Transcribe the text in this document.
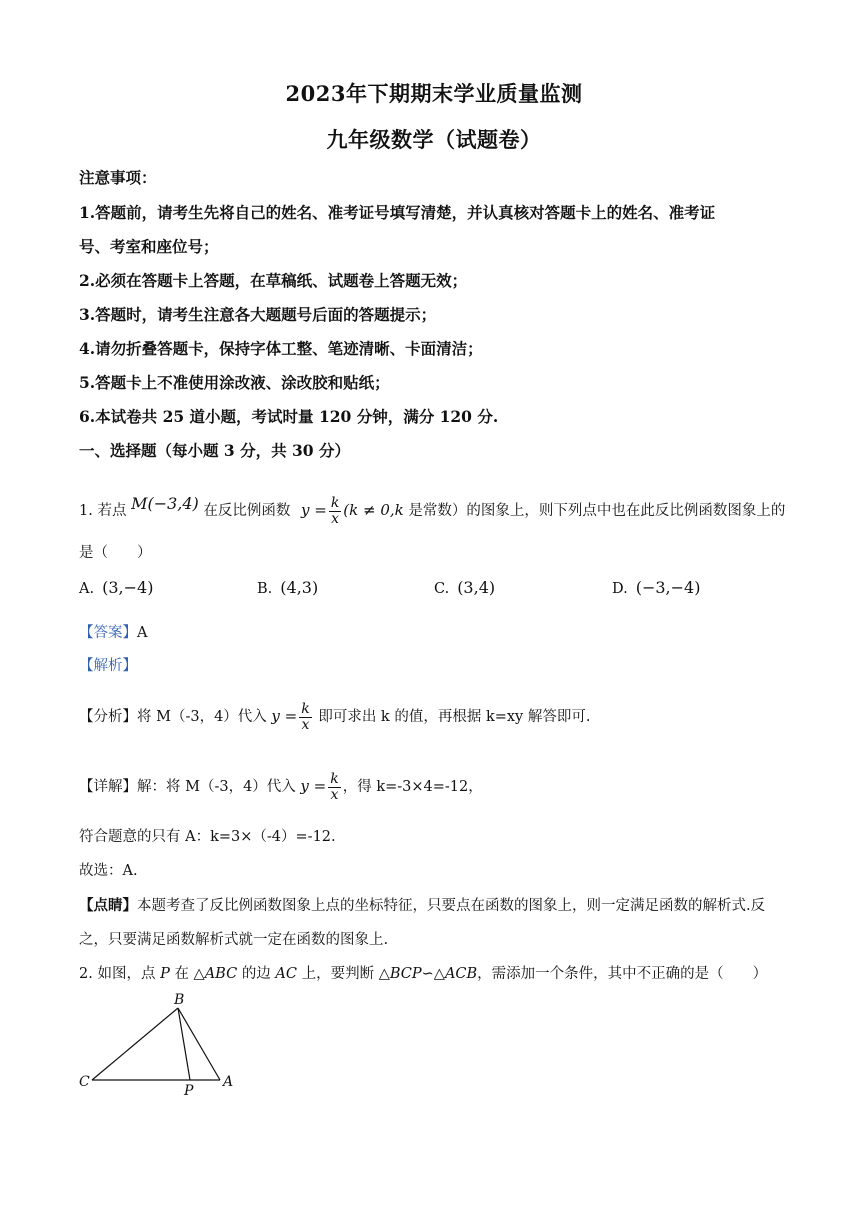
2023年下期期末学业质量监测
九年级数学（试题卷）
注意事项：
1.答题前，请考生先将自己的姓名、准考证号填写清楚，并认真核对答题卡上的姓名、准考证
号、考室和座位号；
2.必须在答题卡上答题，在草稿纸、试题卷上答题无效；
3.答题时，请考生注意各大题题号后面的答题提示；
4.请勿折叠答题卡，保持字体工整、笔迹清晰、卡面清洁；
5.答题卡上不准使用涂改液、涂改胶和贴纸；
6.本试卷共 25 道小题，考试时量 120 分钟，满分 120 分.
一、选择题（每小题 3 分，共 30 分）
1. 若点 M(−3,4) 在反比例函数 $y = \frac{k}{x} (k \ne 0,k$ 是常数）的图象上，则下列点中也在此反比例函数图象上的
是（　　）
A. (3,−4)	B. (4,3)	C. (3,4)	D. (−3,−4)
【答案】A
【解析】
【分析】将 M（-3，4）代入 $y = \frac{k}{x}$ 即可求出 k 的值，再根据 k=xy 解答即可.
【详解】解：将 M（-3，4）代入 $y = \frac{k}{x}$ ，得 k=-3×4=-12，
符合题意的只有 A：k=3×（-4）=-12.
故选：A.
【点睛】本题考查了反比例函数图象上点的坐标特征，只要点在函数的图象上，则一定满足函数的解析式.反
之，只要满足函数解析式就一定在函数的图象上.
2. 如图，点 P 在 △ABC 的边 AC 上，要判断 △BCP∽△ACB，需添加一个条件，其中不正确的是（　　）
B
C
P
A
